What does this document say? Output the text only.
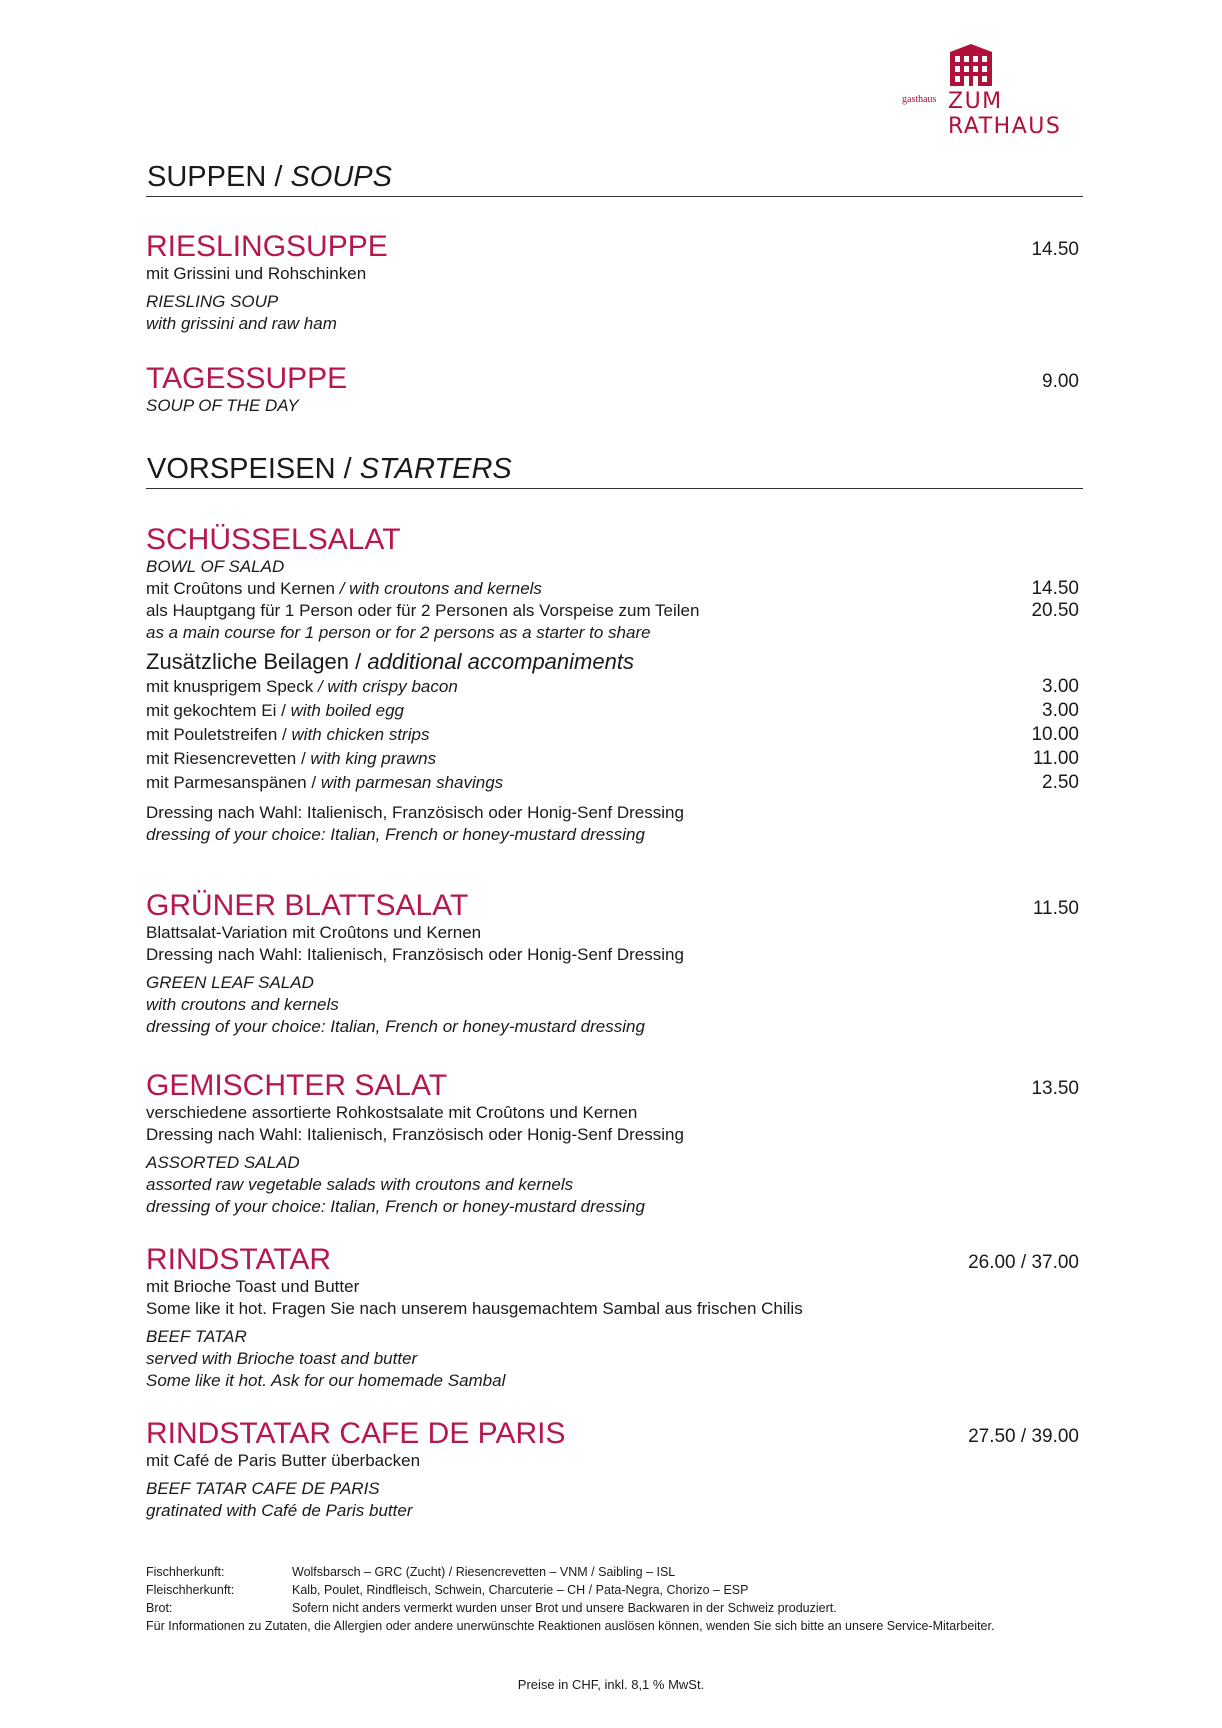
gasthaus ZUM RATHAUS
SUPPEN / SOUPS
RIESLINGSUPPE	14.50
mit Grissini und Rohschinken
RIESLING SOUP
with grissini and raw ham
TAGESSUPPE	9.00
SOUP OF THE DAY
VORSPEISEN / STARTERS
SCHÜSSELSALAT
BOWL OF SALAD
mit Croûtons und Kernen / with croutons and kernels	14.50
als Hauptgang für 1 Person oder für 2 Personen als Vorspeise zum Teilen	20.50
as a main course for 1 person or for 2 persons as a starter to share
Zusätzliche Beilagen / additional accompaniments
mit knusprigem Speck / with crispy bacon	3.00
mit gekochtem Ei / with boiled egg	3.00
mit Pouletstreifen / with chicken strips	10.00
mit Riesencrevetten / with king prawns	11.00
mit Parmesanspänen / with parmesan shavings	2.50
Dressing nach Wahl: Italienisch, Französisch oder Honig-Senf Dressing
dressing of your choice: Italian, French or honey-mustard dressing
GRÜNER BLATTSALAT	11.50
Blattsalat-Variation mit Croûtons und Kernen
Dressing nach Wahl: Italienisch, Französisch oder Honig-Senf Dressing
GREEN LEAF SALAD
with croutons and kernels
dressing of your choice: Italian, French or honey-mustard dressing
GEMISCHTER SALAT	13.50
verschiedene assortierte Rohkostsalate mit Croûtons und Kernen
Dressing nach Wahl: Italienisch, Französisch oder Honig-Senf Dressing
ASSORTED SALAD
assorted raw vegetable salads with croutons and kernels
dressing of your choice: Italian, French or honey-mustard dressing
RINDSTATAR	26.00 / 37.00
mit Brioche Toast und Butter
Some like it hot. Fragen Sie nach unserem hausgemachtem Sambal aus frischen Chilis
BEEF TATAR
served with Brioche toast and butter
Some like it hot. Ask for our homemade Sambal
RINDSTATAR CAFE DE PARIS	27.50 / 39.00
mit Café de Paris Butter überbacken
BEEF TATAR CAFE DE PARIS
gratinated with Café de Paris butter
Fischherkunft:	Wolfsbarsch – GRC (Zucht) / Riesencrevetten – VNM / Saibling – ISL
Fleischherkunft:	Kalb, Poulet, Rindfleisch, Schwein, Charcuterie – CH / Pata-Negra, Chorizo – ESP
Brot:	Sofern nicht anders vermerkt wurden unser Brot und unsere Backwaren in der Schweiz produziert.
Für Informationen zu Zutaten, die Allergien oder andere unerwünschte Reaktionen auslösen können, wenden Sie sich bitte an unsere Service-Mitarbeiter.
Preise in CHF, inkl. 8,1 % MwSt.
